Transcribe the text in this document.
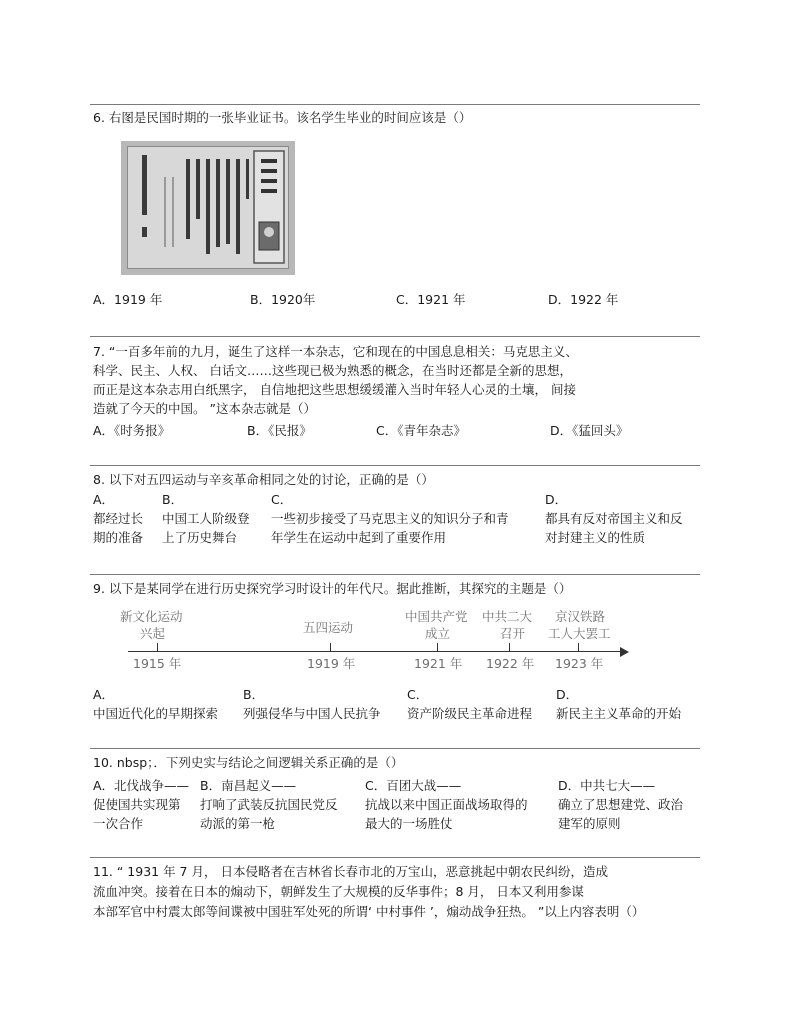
6. 右图是民国时期的一张毕业证书。该名学生毕业的时间应该是（）
A．1919 年	B．1920年	C．1921 年	D．1922 年
7. “一百多年前的九月，诞生了这样一本杂志，它和现在的中国息息相关：马克思主义、
科学、民主、人权、 白话文……这些现已极为熟悉的概念，在当时还都是全新的思想，
而正是这本杂志用白纸黑字， 自信地把这些思想缓缓灌入当时年轻人心灵的土壤， 间接
造就了今天的中国。 ”这本杂志就是（）
A．《时务报》	B．《民报》	C．《青年杂志》	D．《猛回头》
8. 以下对五四运动与辛亥革命相同之处的讨论，正确的是（）
A．
都经过长
期的准备
B．
中国工人阶级登
上了历史舞台
C．
一些初步接受了马克思主义的知识分子和青
年学生在运动中起到了重要作用
D．
都具有反对帝国主义和反
对封建主义的性质
9. 以下是某同学在进行历史探究学习时设计的年代尺。据此推断，其探究的主题是（）
新文化运动
兴起	五四运动
中国共产党
成立
中共二大
召开
京汉铁路
工人大罢工
1915 年	1919 年	1921 年 1922 年 1923 年
A．
中国近代化的早期探索
B．
列强侵华与中国人民抗争
C．
资产阶级民主革命进程
D．
新民主主义革命的开始
10. nbsp；．下列史实与结论之间逻辑关系正确的是（）
A．北伐战争——
促使国共实现第
一次合作
B．南昌起义——
打响了武装反抗国民党反
动派的第一枪
C．百团大战——
抗战以来中国正面战场取得的
最大的一场胜仗
D．中共七大——
确立了思想建党、政治
建军的原则
11. “ 1931 年 7 月， 日本侵略者在吉林省长春市北的万宝山，恶意挑起中朝农民纠纷，造成
流血冲突。接着在日本的煽动下，朝鲜发生了大规模的反华事件；8 月， 日本又利用参谋
本部军官中村震太郎等间谍被中国驻军处死的所谓‘ 中村事件 ’，煽动战争狂热。 ”以上内容表明（）
